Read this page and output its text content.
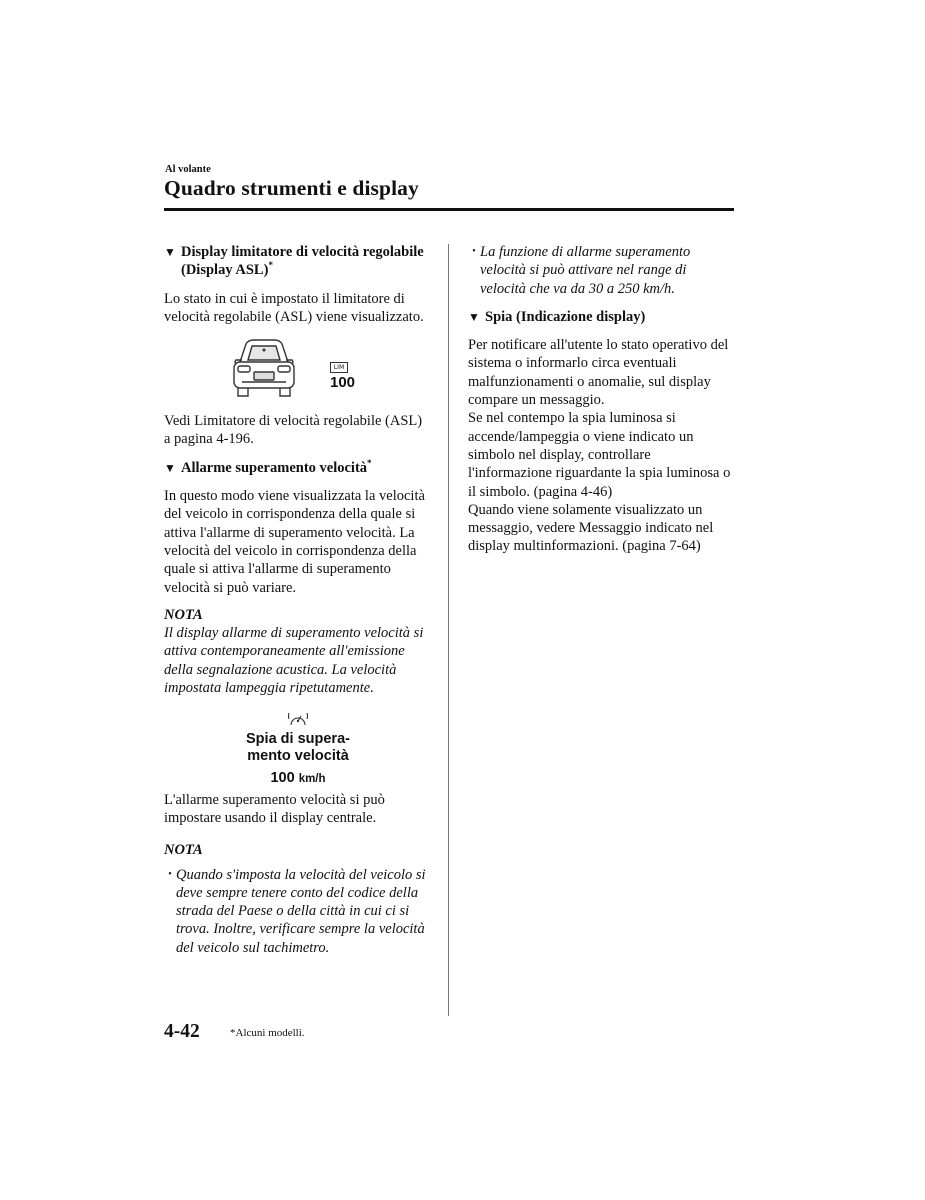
Al volante
Quadro strumenti e display
▼ Display limitatore di velocità regolabile (Display ASL)*

Lo stato in cui è impostato il limitatore di velocità regolabile (ASL) viene visualizzato.

LIM
100

Vedi Limitatore di velocità regolabile (ASL) a pagina 4-196.

▼ Allarme superamento velocità*

In questo modo viene visualizzata la velocità del veicolo in corrispondenza della quale si attiva l'allarme di superamento velocità. La velocità del veicolo in corrispondenza della quale si attiva l'allarme di superamento velocità si può variare.

NOTA

Il display allarme di superamento velocità si attiva contemporaneamente all'emissione della segnalazione acustica. La velocità impostata lampeggia ripetutamente.

Spia di supera-
mento velocità
100 km/h

L'allarme superamento velocità si può impostare usando il display centrale.

NOTA
• Quando s'imposta la velocità del veicolo si deve sempre tenere conto del codice della strada del Paese o della città in cui ci si trova. Inoltre, verificare sempre la velocità del veicolo sul tachimetro.
• La funzione di allarme superamento velocità si può attivare nel range di velocità che va da 30 a 250 km/h.
▼ Spia (Indicazione display)

Per notificare all'utente lo stato operativo del sistema o informarlo circa eventuali malfunzionamenti o anomalie, sul display compare un messaggio.

Se nel contempo la spia luminosa si accende/lampeggia o viene indicato un simbolo nel display, controllare l'informazione riguardante la spia luminosa o il simbolo. (pagina 4-46)

Quando viene solamente visualizzato un messaggio, vedere Messaggio indicato nel display multinformazioni. (pagina 7-64)

4-42	*Alcuni modelli.
